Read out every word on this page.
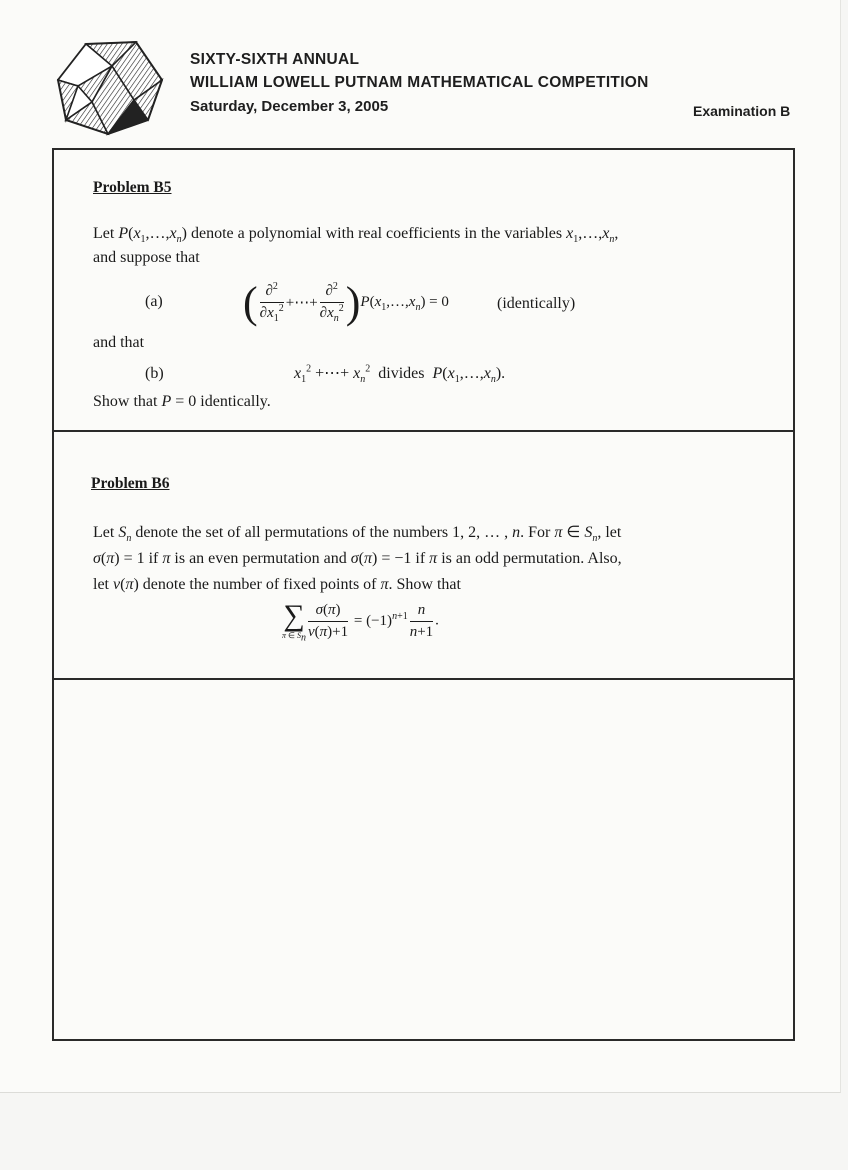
SIXTY-SIXTH ANNUAL
WILLIAM LOWELL PUTNAM MATHEMATICAL COMPETITION
Saturday, December 3, 2005	Examination B
Problem B5
Let $P(x_1,\dots,x_n)$ denote a polynomial with real coefficients in the variables $x_1,\dots,x_n$,
and suppose that
(a) ( $\frac{\partial^2}{\partial x_1^2}$ +⋯+ $\frac{\partial^2}{\partial x_n^2}$ )$P(x_1,\dots,x_n) = 0$	(identically)
and that
(b)	$x_1^2$ +⋯+ $x_n^2$ divides $P(x_1,\dots,x_n)$.
Show that P = 0 identically.
Problem B6
Let $S_n$ denote the set of all permutations of the numbers 1, 2, … , n. For π ∈ $S_n$, let
σ(π) = 1 if π is an even permutation and σ(π) = −1 if π is an odd permutation. Also,
let v(π) denote the number of fixed points of π. Show that
∑
π ∈ $S_n \frac{\sigma(\pi)}{v(\pi)+1} = (-1)^{n+1} \frac{n}{n+1}$ .
